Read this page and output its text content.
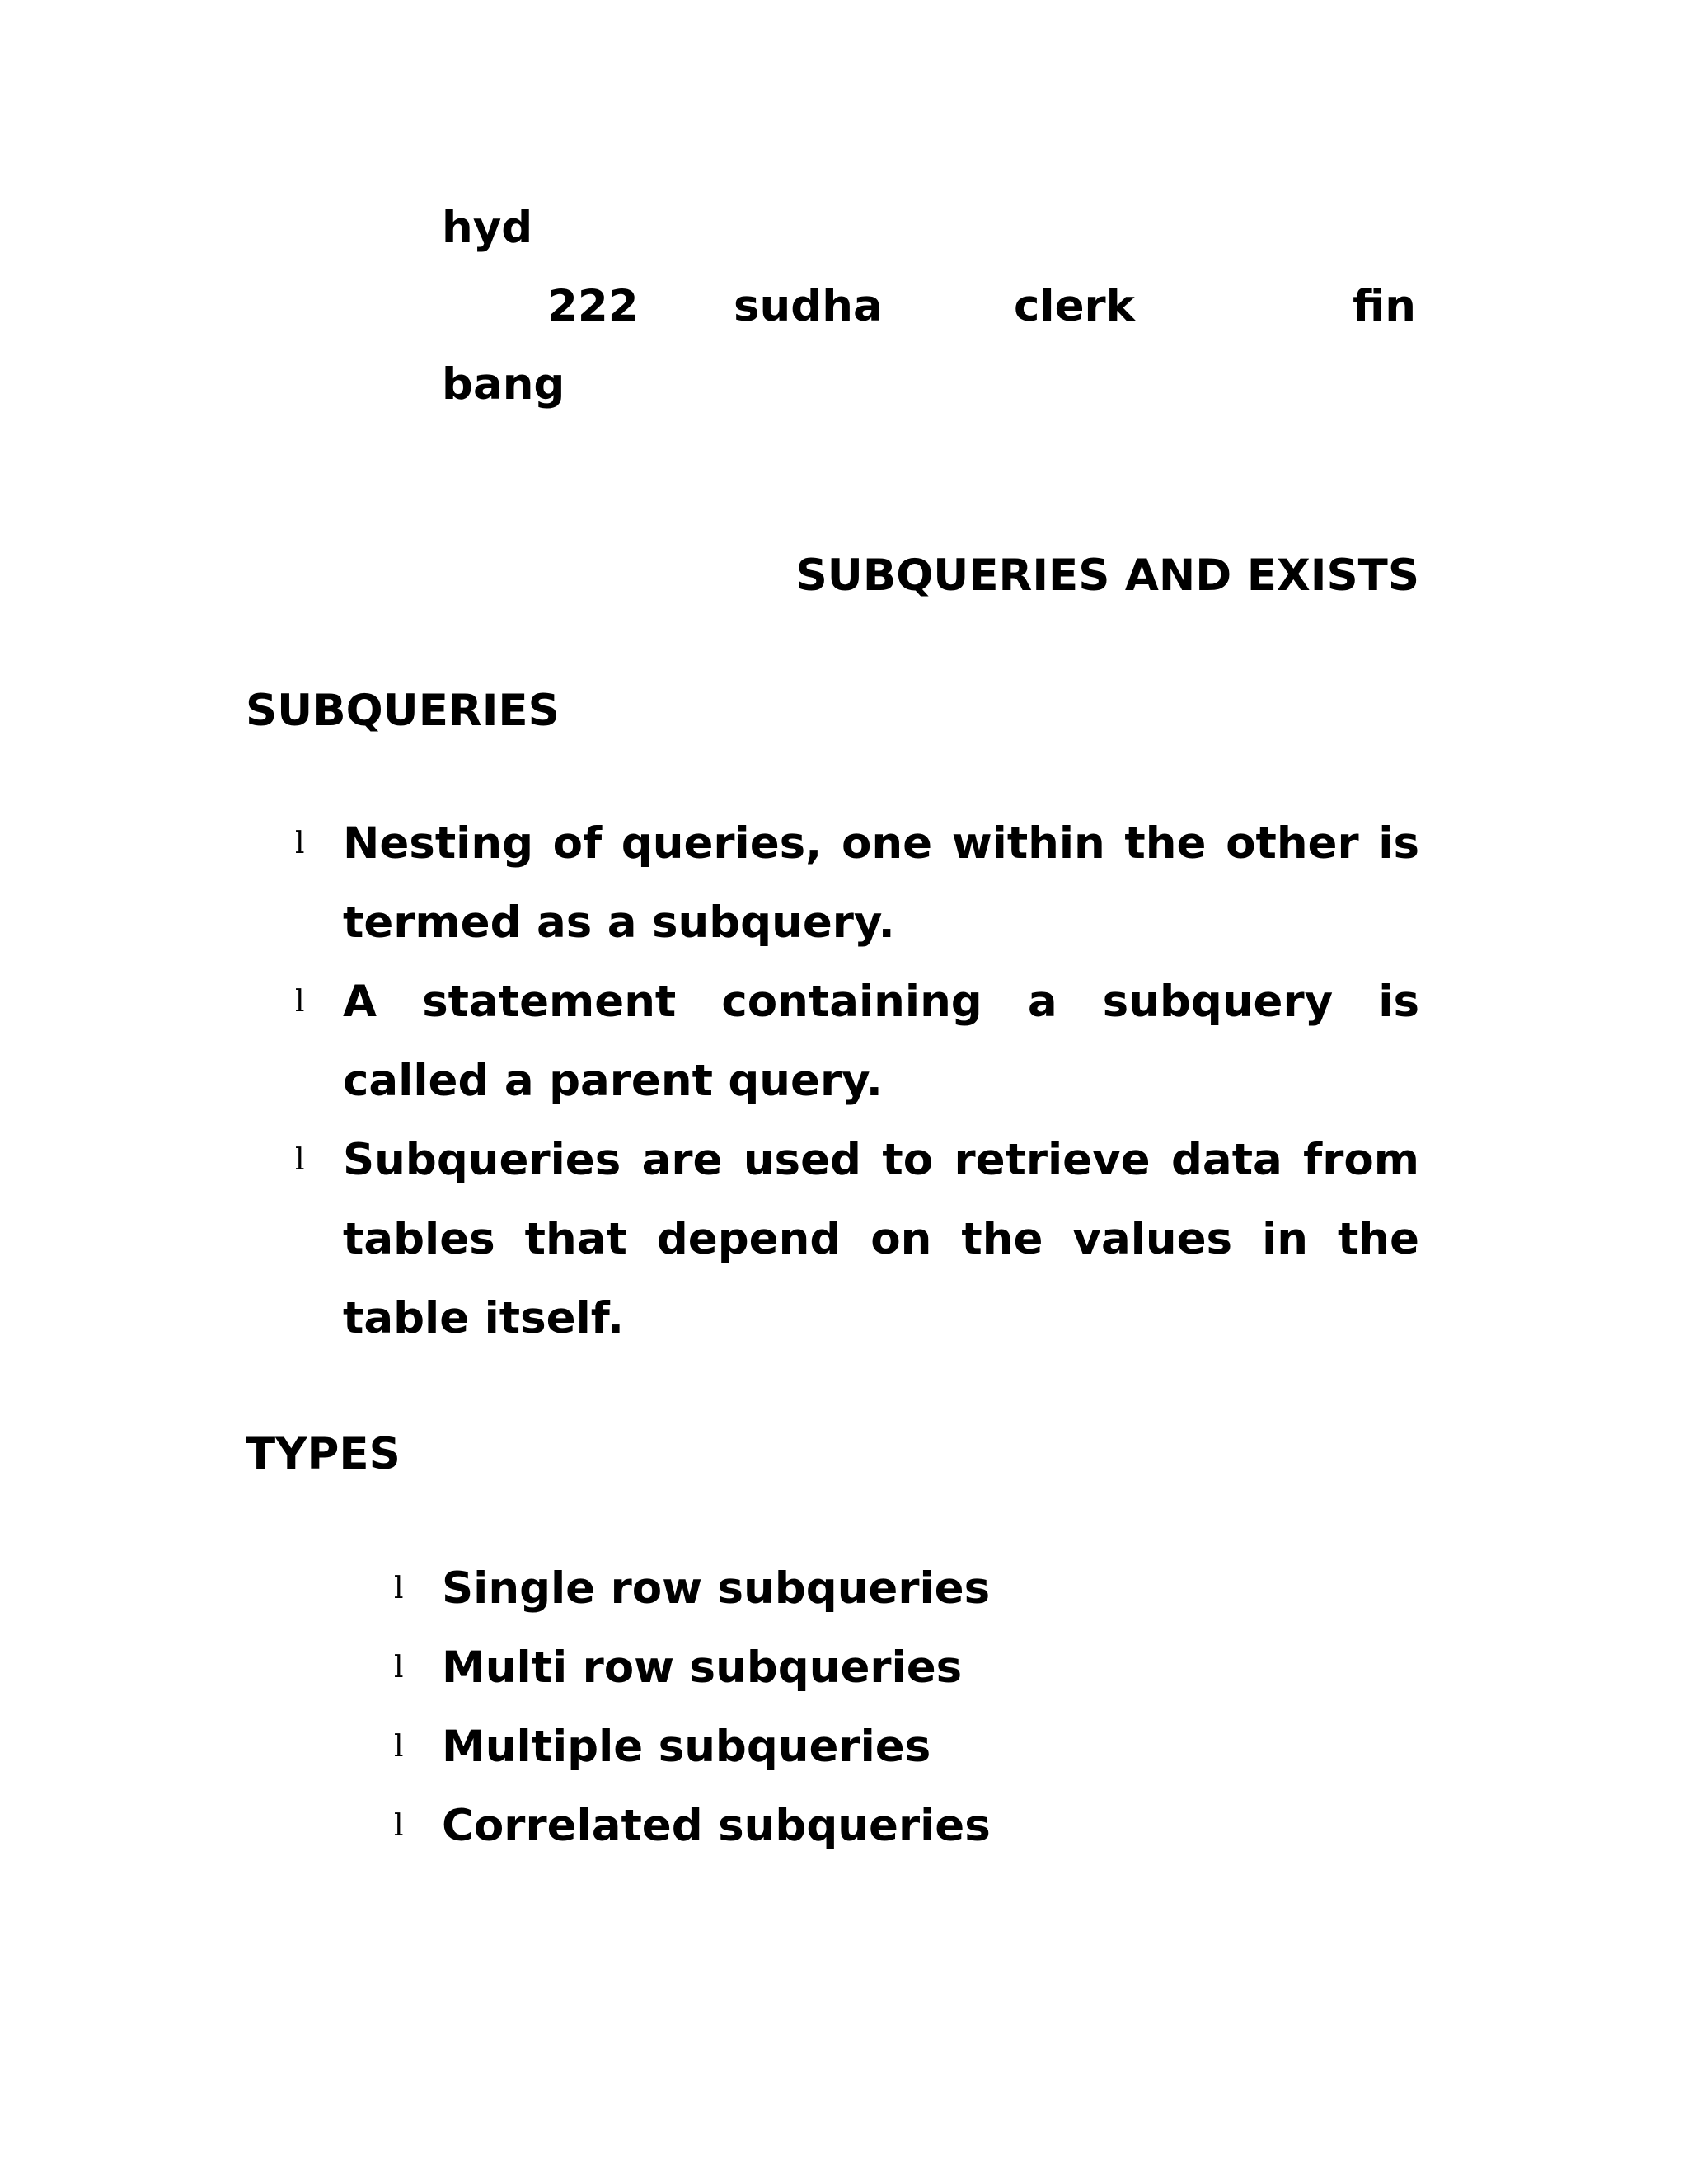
hyd
222 sudha	clerk	fin
bang
SUBQUERIES AND EXISTS
SUBQUERIES
l Nesting of queries, one within the other is termed as a subquery.
l A statement containing a subquery is called a parent query.
l Subqueries are used to retrieve data from tables that depend on the values in the table itself.
TYPES
l Single row subqueries
l Multi row subqueries
l Multiple subqueries
l Correlated subqueries
